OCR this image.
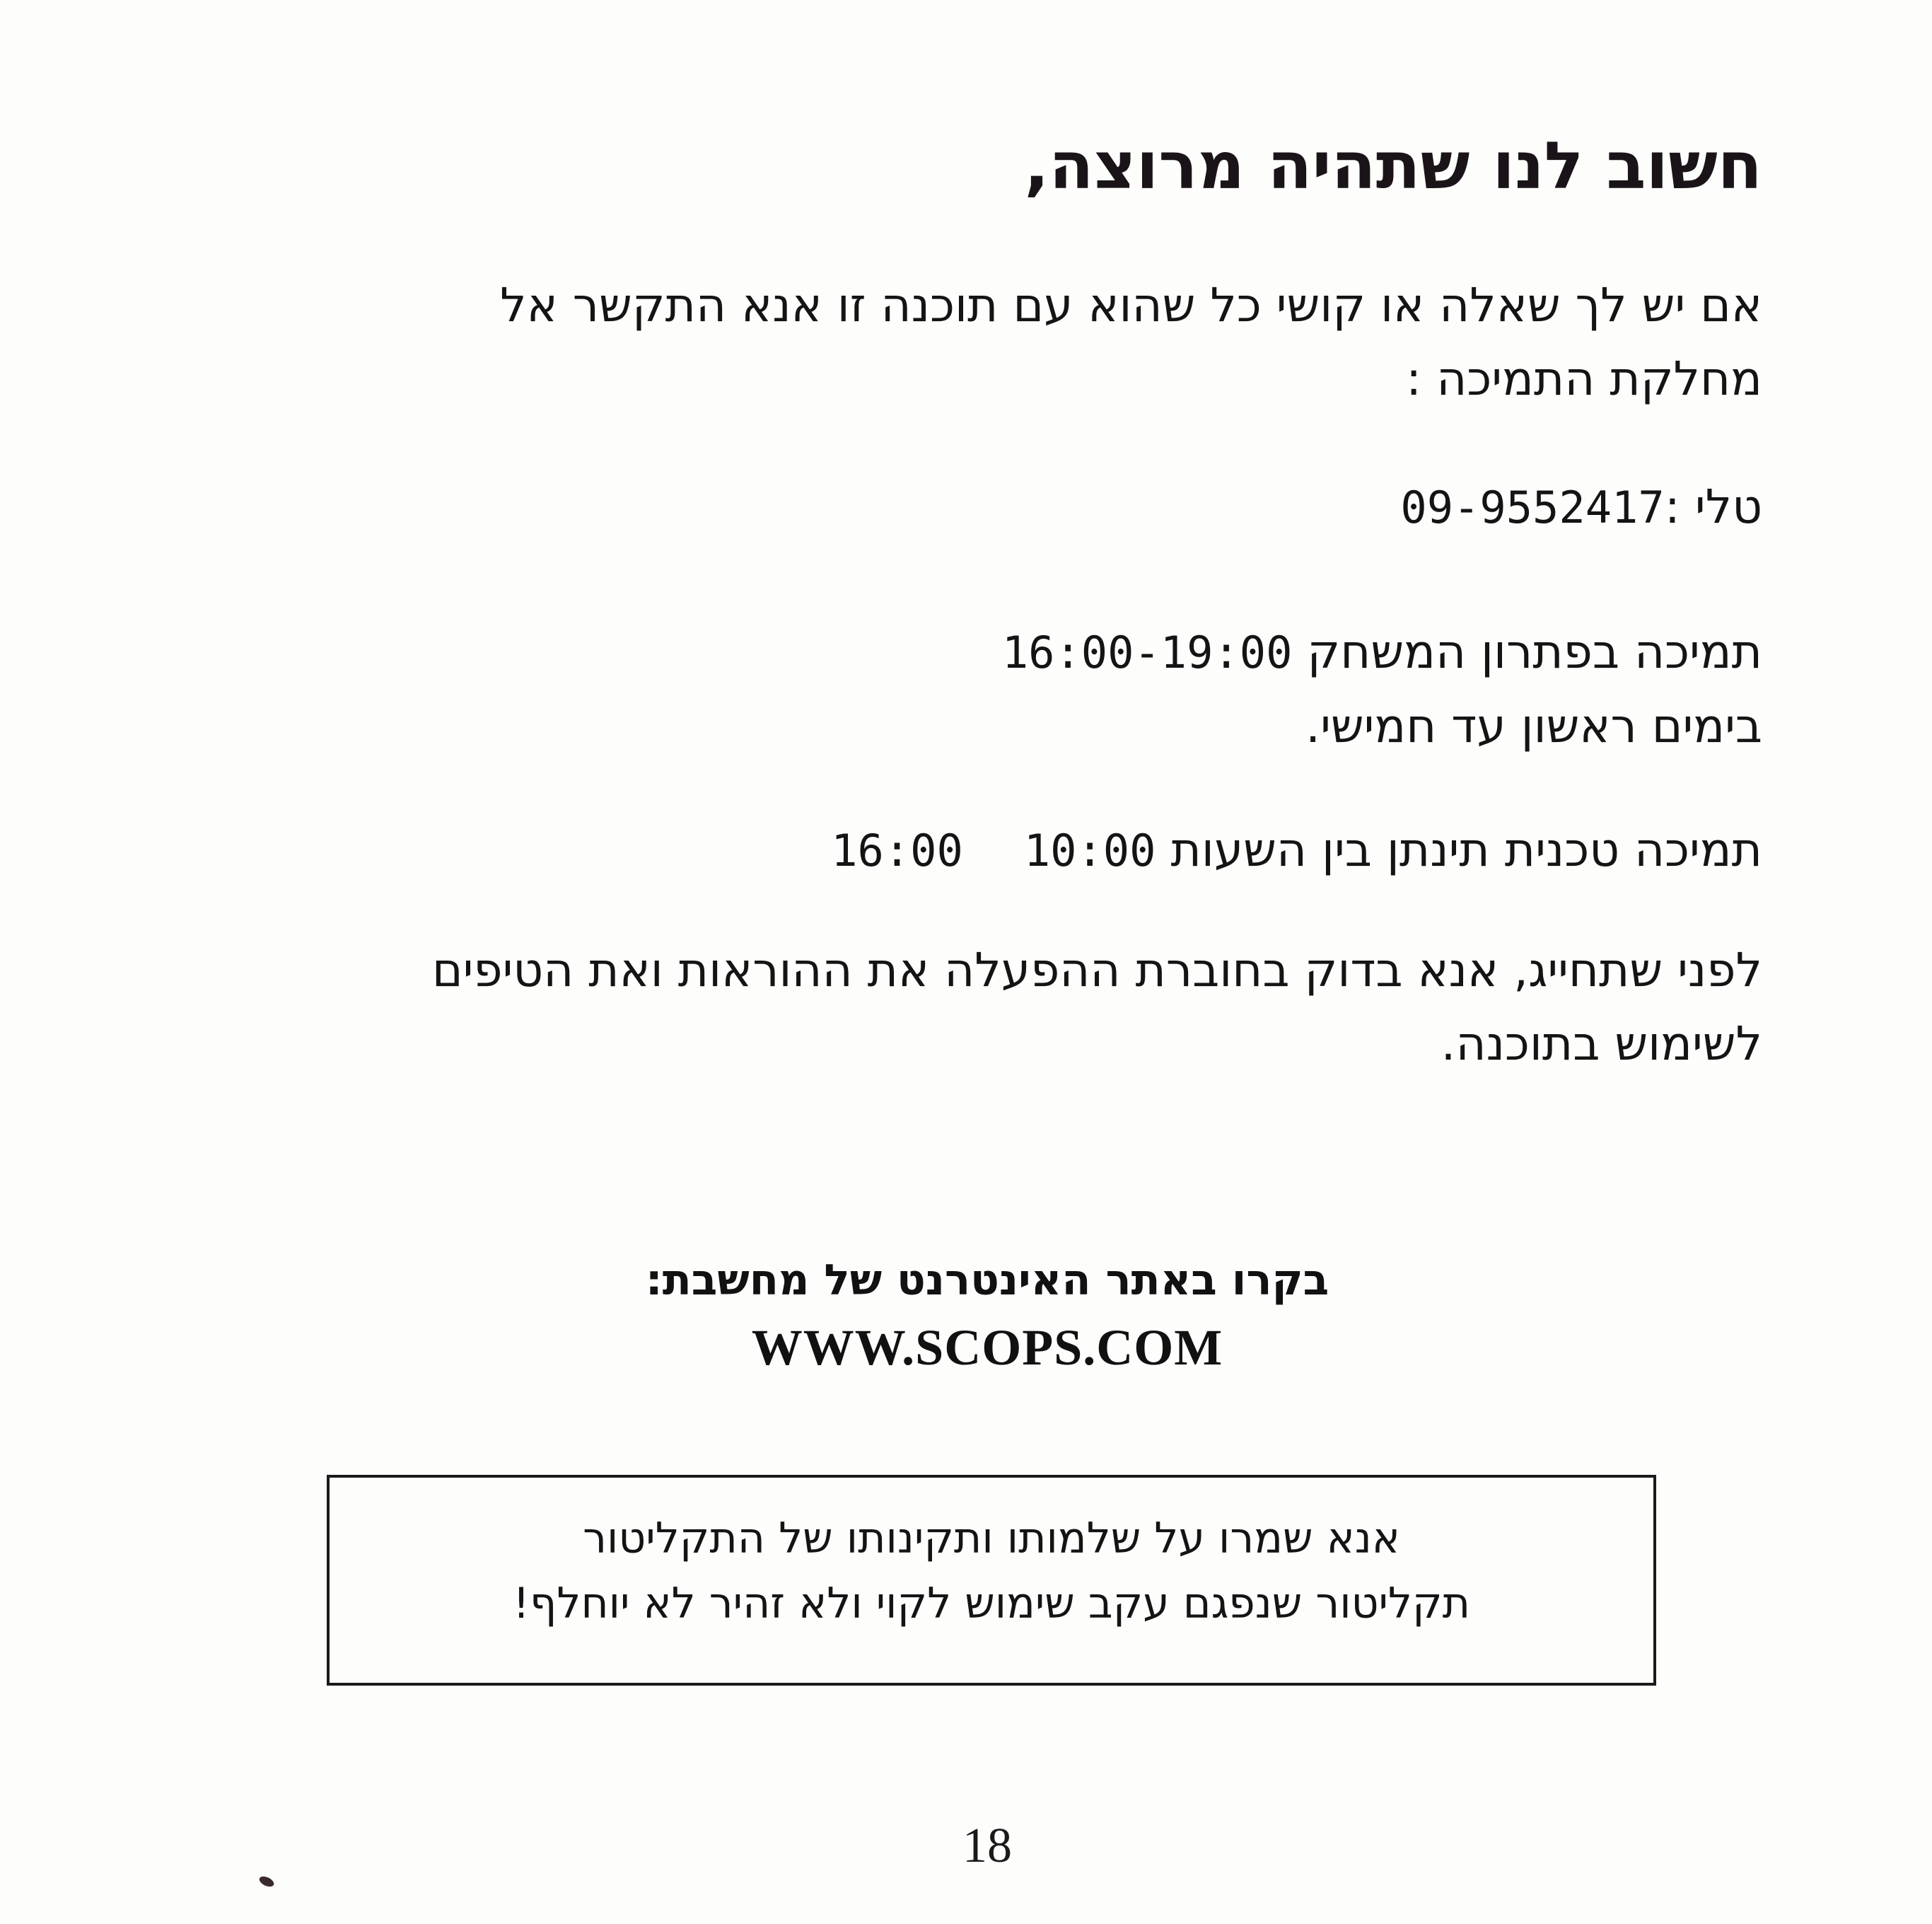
חשוב לנו שתהיה מרוצה,
אם יש לך שאלה או קושי כל שהוא עם תוכנה זו אנא התקשר אל
מחלקת התמיכה :
טלי :09-9552417
תמיכה בפתרון המשחק 16:00-19:00
בימים ראשון עד חמישי.
תמיכה טכנית תינתן בין השעות 10:0016:00
לפני שתחייג, אנא בדוק בחוברת ההפעלה את ההוראות ואת הטיפים
לשימוש בתוכנה.
בקרו באתר האינטרנט של מחשבת:
WWW.SCOPS.COM
אנא שמרו על שלמותו ותקינותו של התקליטור
תקליטור שנפגם עקב שימוש לקוי ולא זהיר לא יוחלף!
18
